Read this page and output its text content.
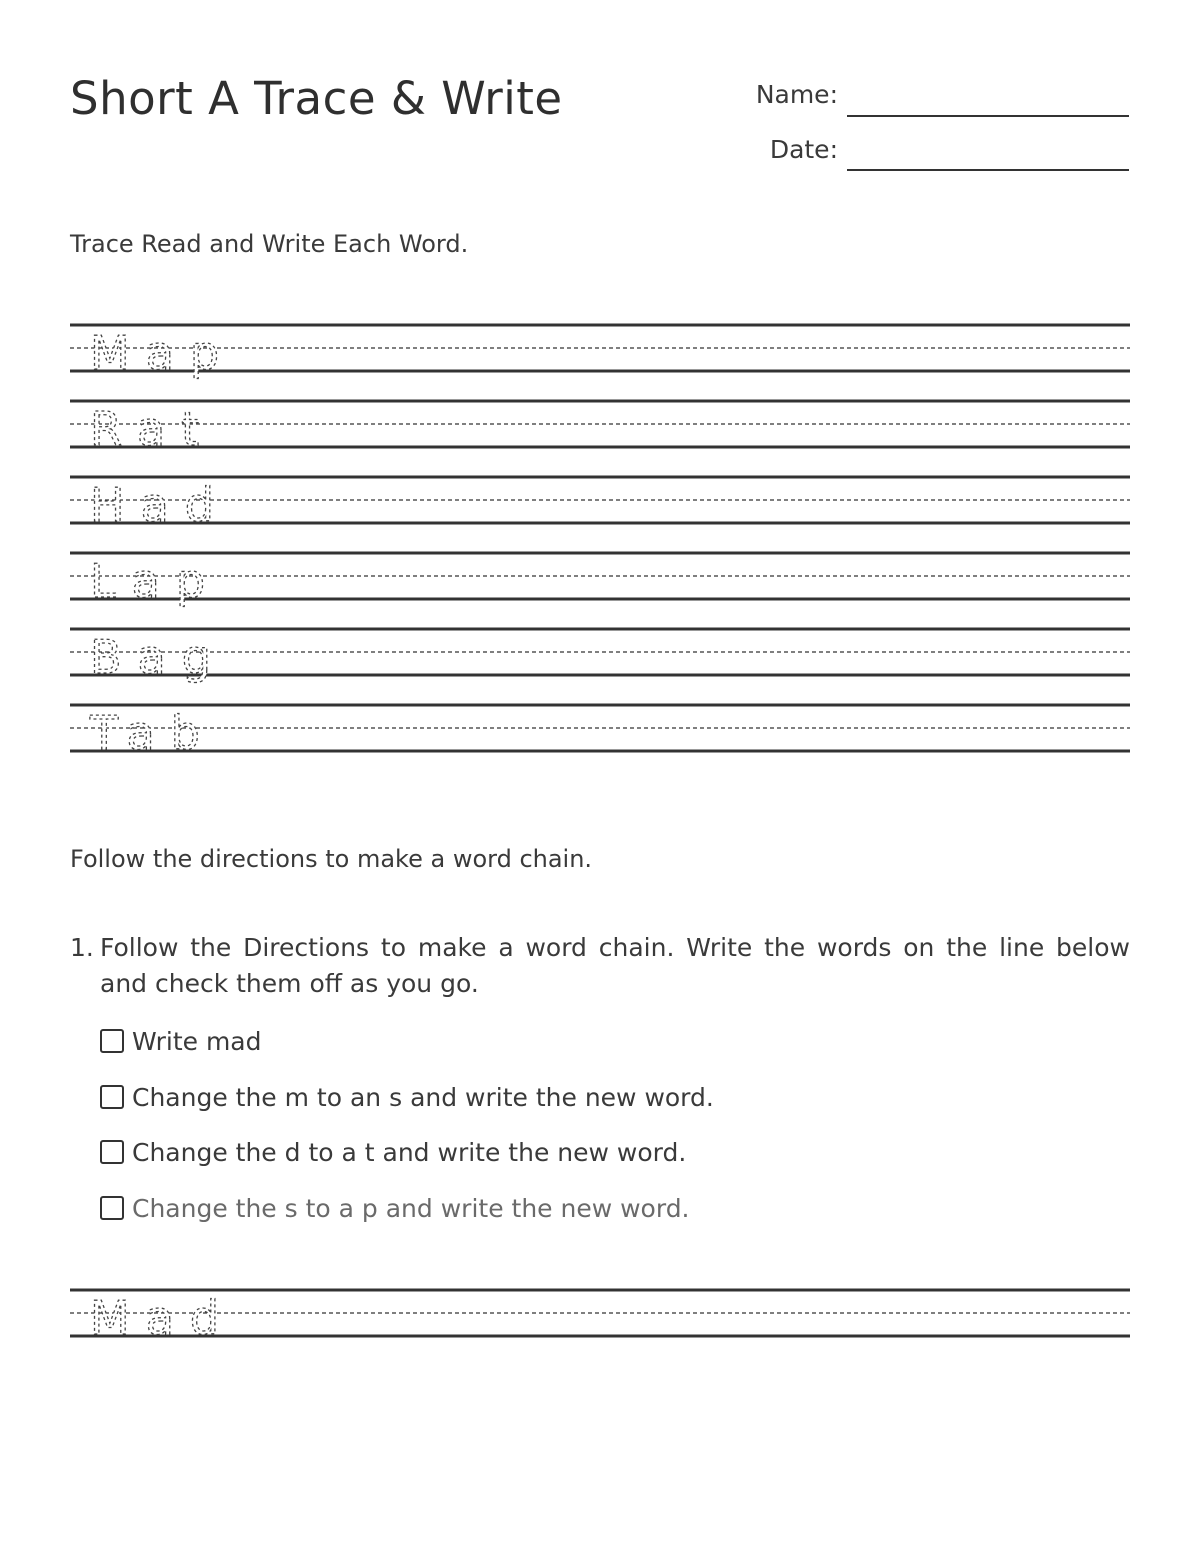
Short A Trace & Write	Name:
Date:
Trace Read and Write Each Word.
Map
Rat
Had
Lap
Bag
Tab
Follow the directions to make a word chain.
1. Follow the Directions to make a word chain. Write the words on the line below and check them off as you go.
Write mad
Change the m to an s and write the new word.
Change the d to a t and write the new word.
Change the s to a p and write the new word.
Mad
